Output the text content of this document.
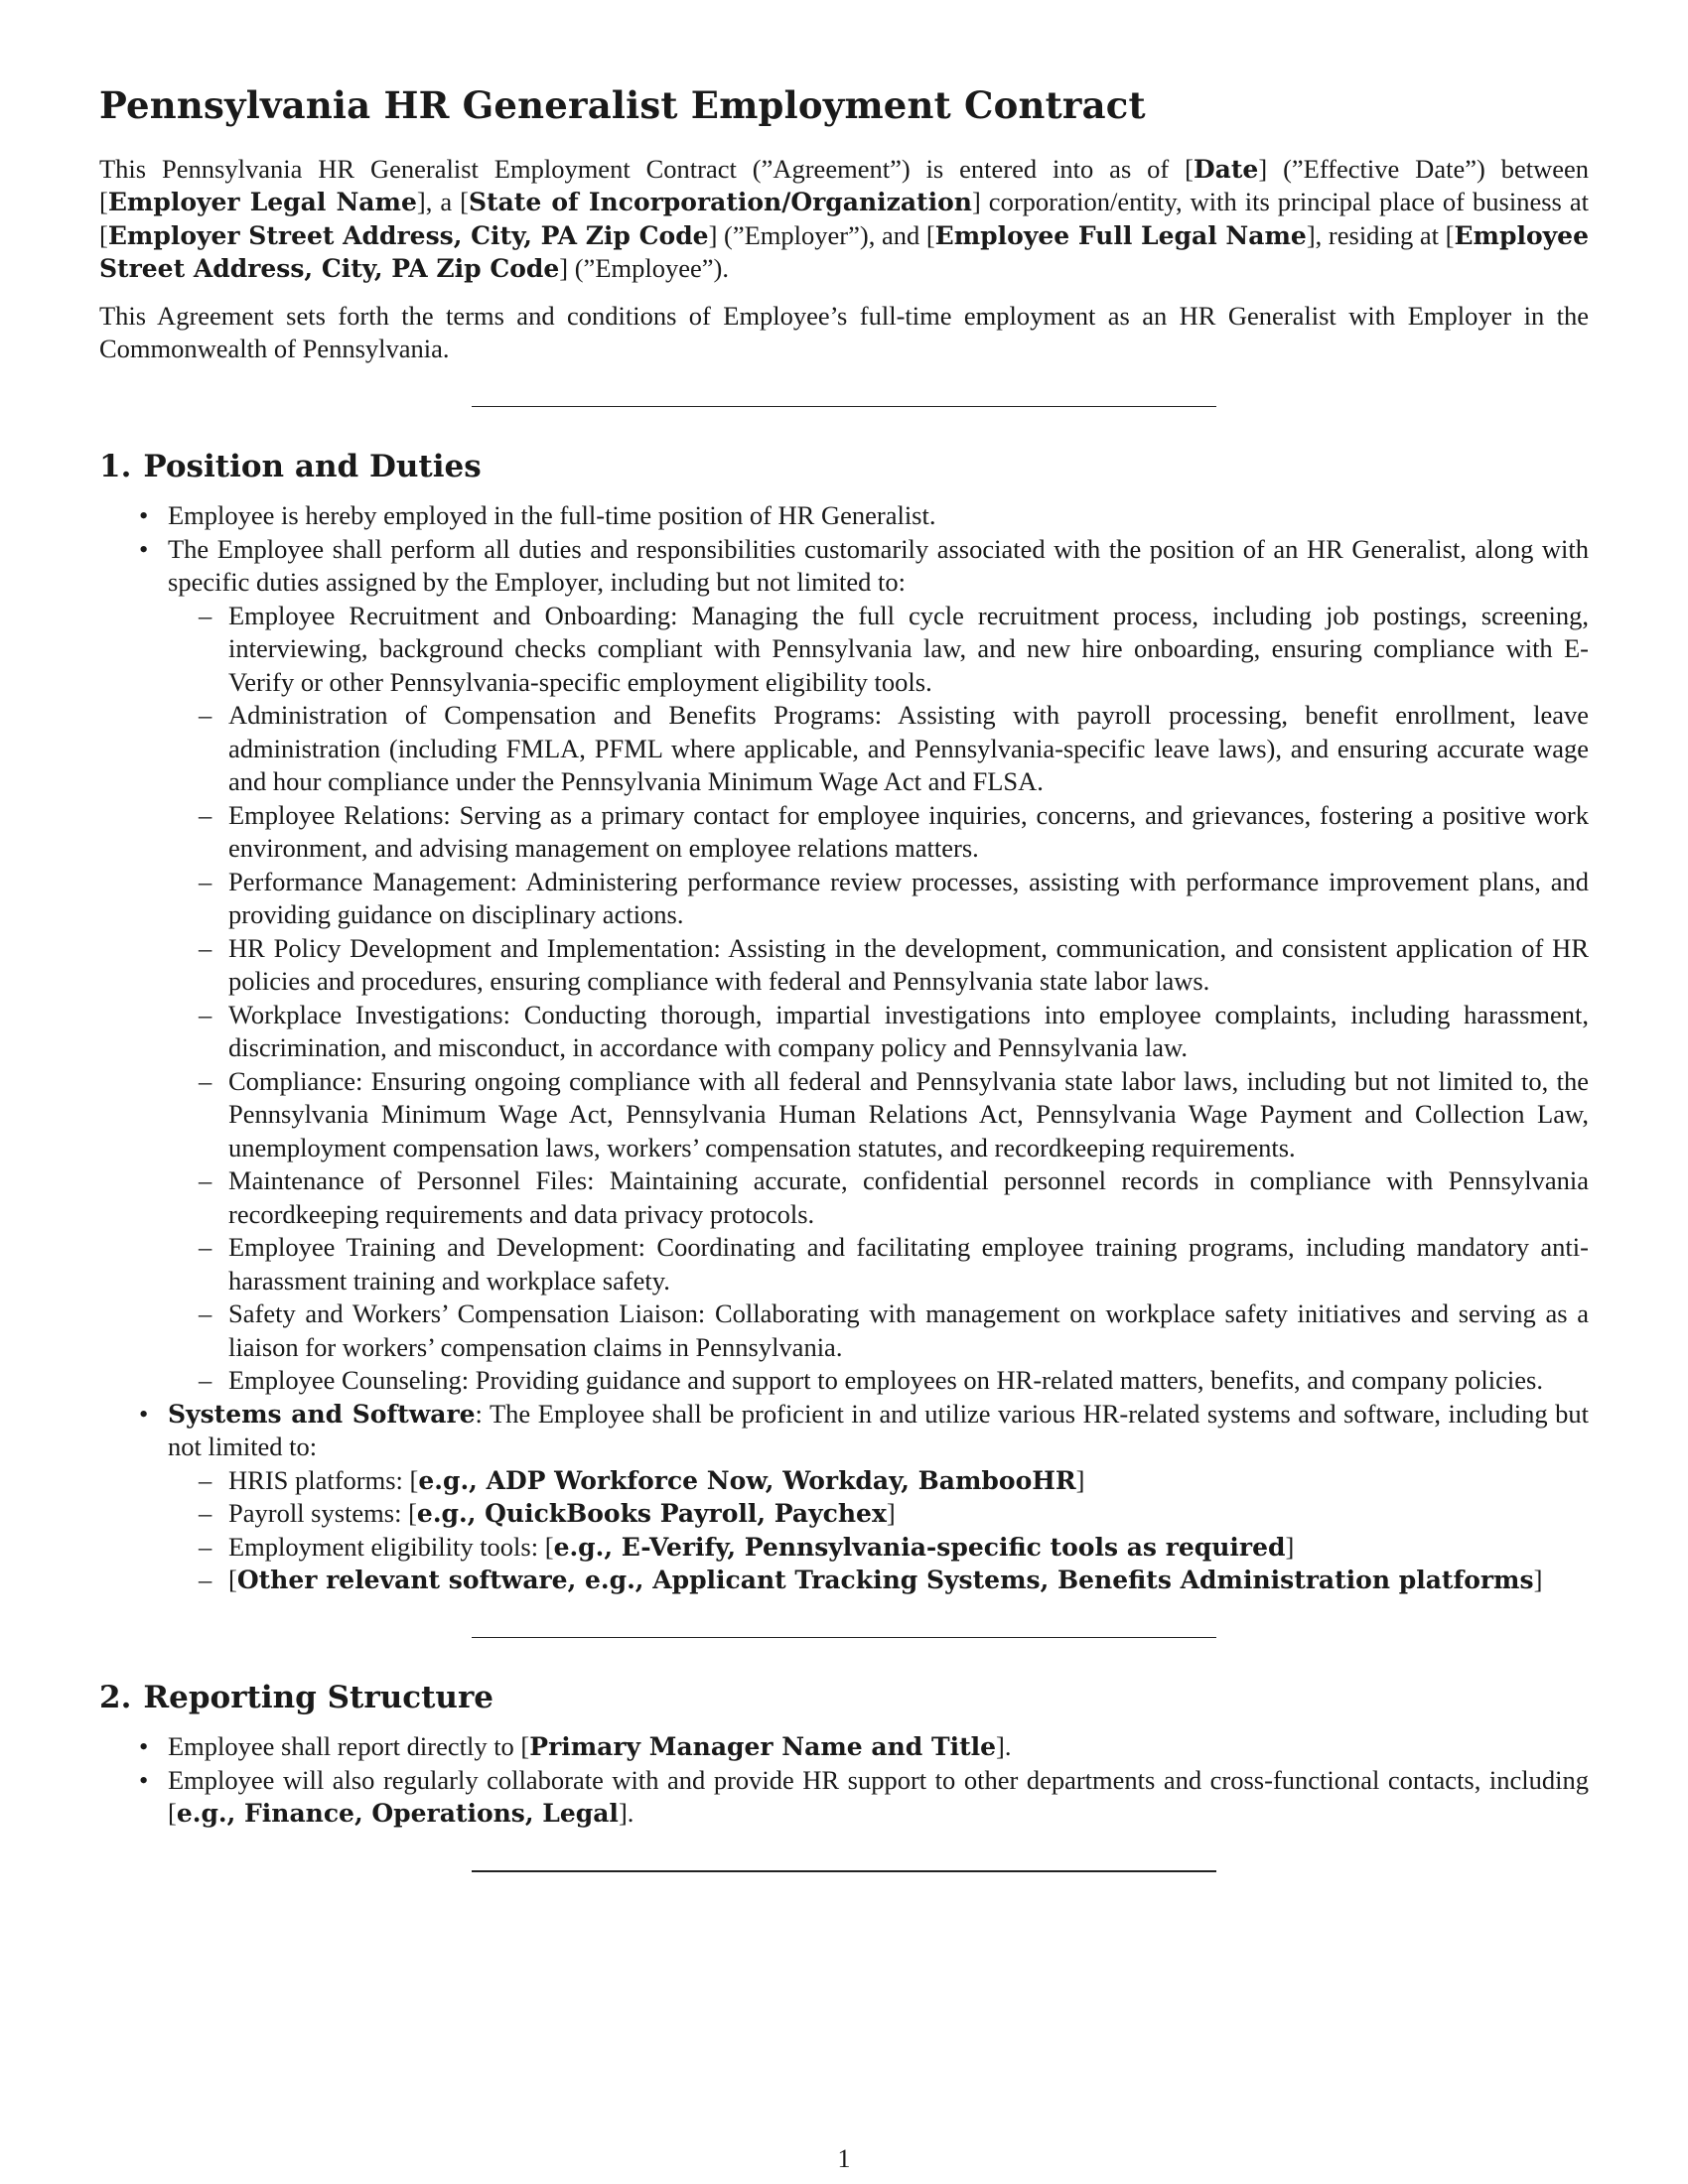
Pennsylvania HR Generalist Employment Contract

This Pennsylvania HR Generalist Employment Contract (”Agreement”) is entered into as of [Date] (”Effective Date”) between [Employer Legal Name], a [State of Incorporation/Organization] corporation/entity, with its principal place of business at [Employer Street Address, City, PA Zip Code] (”Employer”), and [Employee Full Legal Name], residing at [Employee Street Address, City, PA Zip Code] (”Employee”).

This Agreement sets forth the terms and conditions of Employee’s full-time employment as an HR Generalist with Employer in the Commonwealth of Pennsylvania.

1. Position and Duties
• Employee is hereby employed in the full-time position of HR Generalist.
• The Employee shall perform all duties and responsibilities customarily associated with the position of an HR Generalist, along with specific duties assigned by the Employer, including but not limited to:
– Employee Recruitment and Onboarding: Managing the full cycle recruitment process, including job postings, screening, interviewing, background checks compliant with Pennsylvania law, and new hire onboarding, ensuring compliance with E-Verify or other Pennsylvania-specific employment eligibility tools.
– Administration of Compensation and Benefits Programs: Assisting with payroll processing, benefit enrollment, leave administration (including FMLA, PFML where applicable, and Pennsylvania-specific leave laws), and ensuring accurate wage and hour compliance under the Pennsylvania Minimum Wage Act and FLSA.
– Employee Relations: Serving as a primary contact for employee inquiries, concerns, and grievances, fostering a positive work environment, and advising management on employee relations matters.
– Performance Management: Administering performance review processes, assisting with performance improvement plans, and providing guidance on disciplinary actions.
– HR Policy Development and Implementation: Assisting in the development, communication, and consistent application of HR policies and procedures, ensuring compliance with federal and Pennsylvania state labor laws.
– Workplace Investigations: Conducting thorough, impartial investigations into employee complaints, including harassment, discrimination, and misconduct, in accordance with company policy and Pennsylvania law.
– Compliance: Ensuring ongoing compliance with all federal and Pennsylvania state labor laws, including but not limited to, the Pennsylvania Minimum Wage Act, Pennsylvania Human Relations Act, Pennsylvania Wage Payment and Collection Law, unemployment compensation laws, workers’ compensation statutes, and recordkeeping requirements.
– Maintenance of Personnel Files: Maintaining accurate, confidential personnel records in compliance with Pennsylvania recordkeeping requirements and data privacy protocols.
– Employee Training and Development: Coordinating and facilitating employee training programs, including mandatory anti-harassment training and workplace safety.
– Safety and Workers’ Compensation Liaison: Collaborating with management on workplace safety initiatives and serving as a liaison for workers’ compensation claims in Pennsylvania.
– Employee Counseling: Providing guidance and support to employees on HR-related matters, benefits, and company policies.
• Systems and Software: The Employee shall be proficient in and utilize various HR-related systems and software, including but not limited to:
– HRIS platforms: [e.g., ADP Workforce Now, Workday, BambooHR]
– Payroll systems: [e.g., QuickBooks Payroll, Paychex]
– Employment eligibility tools: [e.g., E-Verify, Pennsylvania-specific tools as required]
– [Other relevant software, e.g., Applicant Tracking Systems, Benefits Administration platforms]
2. Reporting Structure
• Employee shall report directly to [Primary Manager Name and Title].
• Employee will also regularly collaborate with and provide HR support to other departments and cross-functional contacts, including [e.g., Finance, Operations, Legal].
1
